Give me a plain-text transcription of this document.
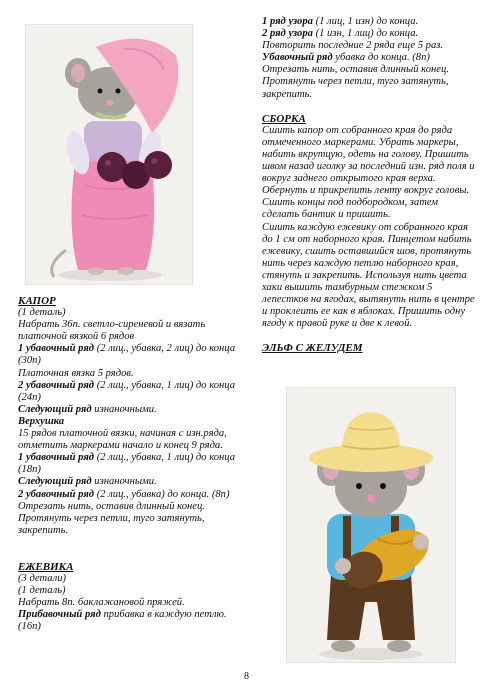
КАПОР

(1 деталь)

Набрать 36п. светло-сиреневой и вязать платочной вязкой 6 рядов

1 убавочный ряд (2 лиц., убавка, 2 лиц) до конца (30п)

Платочная вязка 5 рядов.

2 убавочный ряд (2 лиц., убавка, 1 лиц) до конца (24п)

Следующий ряд изнаночными.

Верхушка

15 рядов платочной вязки, начиная с изн.ряда, отметить маркерами начало и конец 9 ряда.

1 убавочный ряд (2 лиц., убавка, 1 лиц) до конца (18п)

Следующий ряд изнаночными.

2 убавочный ряд (2 лиц., убавка) до конца. (8п)

Отрезать нить, оставив длинный конец. Протянуть через петли, туго затянуть, закрепить.

ЕЖЕВИКА

(3 детали)

(1 деталь)

Набрать 8п. баклажановой пряжей.

Прибавочный ряд прибавка в каждую петлю.

(16п)

1 ряд узора (1 лиц, 1 изн) до конца.

2 ряд узора (1 изн, 1 лиц) до конца.

Повторить последние 2 ряда еще 5 раз.

Убавочный ряд убавка до конца. (8п)

Отрезать нить, оставив длинный конец. Протянуть через петли, туго затянуть, закрепить.

СБОРКА

Сшить капор от собранного края до ряда отмеченного маркерами. Убрать маркеры, набить вкрутцую, одеть на голову. Пришить швом назад иголку за последний изн. ряд поля и вокруг заднего открытого края верха. Обернуть и прикрепить ленту вокруг головы. Сшить концы под подбородком, затем сделать бантик и пришить.

Сшить каждую ежевику от собранного края до 1 см от наборного края. Пинцетом набить ежевику, сшить оставшийся шов, протянуть нить через каждую петлю наборного края, стянуть и закрепить. Используя нить цвета хаки вышить тамбурным стежком 5 лепестков на ягодах, вытянуть нить в центре и проклеить ее как в яблоках. Пришить одну ягоду к правой руке и две к левой.

ЭЛЬФ С ЖЕЛУДЕМ

8
